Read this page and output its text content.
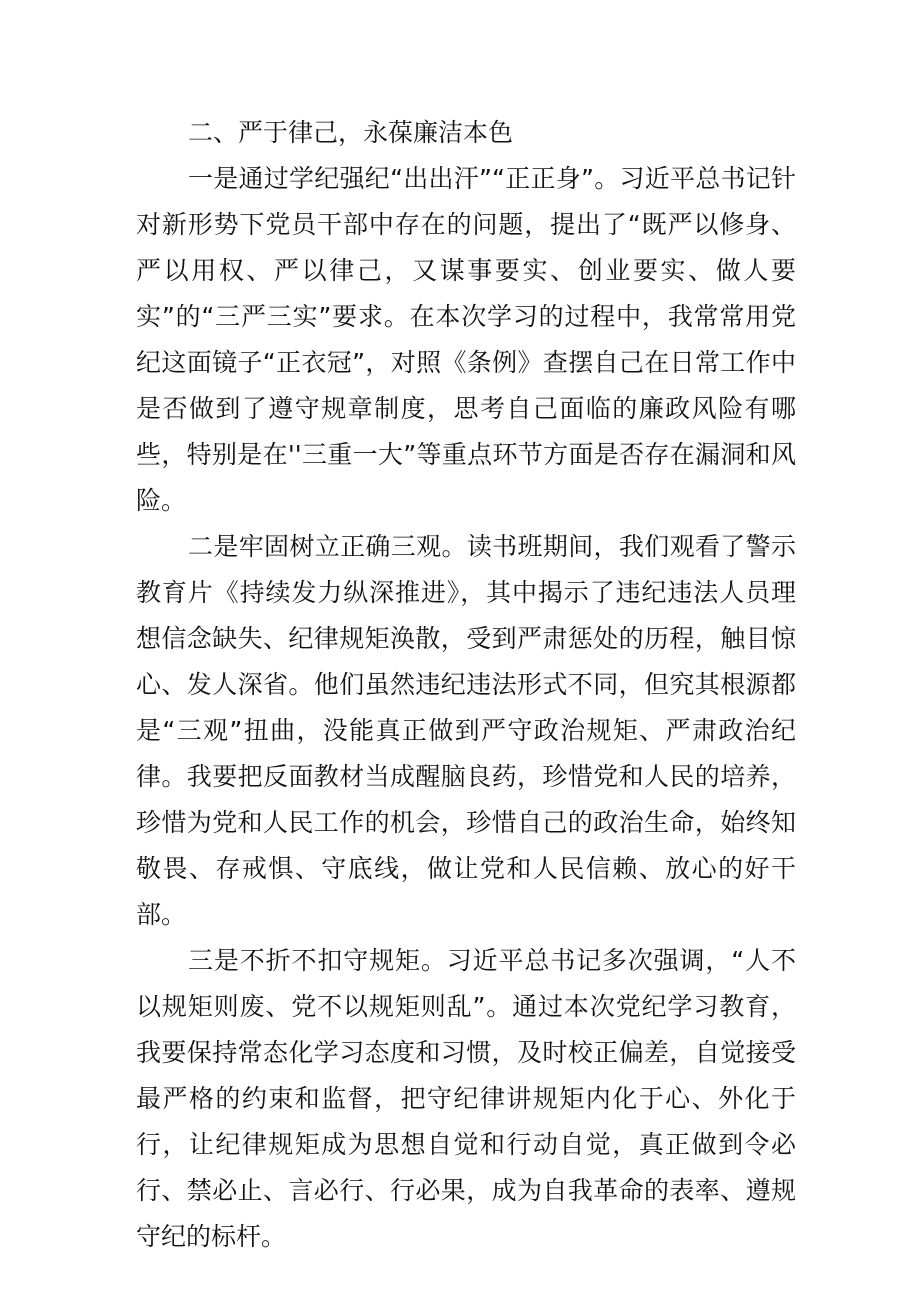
二、严于律己，永葆廉洁本色

一是通过学纪强纪“出出汗”“正正身”。习近平总书记针对新形势下党员干部中存在的问题，提出了“既严以修身、严以用权、严以律己，又谋事要实、创业要实、做人要实”的“三严三实”要求。在本次学习的过程中，我常常用党纪这面镜子“正衣冠”，对照《条例》查摆自己在日常工作中是否做到了遵守规章制度，思考自己面临的廉政风险有哪些，特别是在''三重一大”等重点环节方面是否存在漏洞和风险。

二是牢固树立正确三观。读书班期间，我们观看了警示教育片《持续发力纵深推进》，其中揭示了违纪违法人员理想信念缺失、纪律规矩涣散，受到严肃惩处的历程，触目惊心、发人深省。他们虽然违纪违法形式不同，但究其根源都是“三观”扭曲，没能真正做到严守政治规矩、严肃政治纪律。我要把反面教材当成醒脑良药，珍惜党和人民的培养，珍惜为党和人民工作的机会，珍惜自己的政治生命，始终知敬畏、存戒惧、守底线，做让党和人民信赖、放心的好干部。

三是不折不扣守规矩。习近平总书记多次强调，“人不以规矩则废、党不以规矩则乱”。通过本次党纪学习教育，我要保持常态化学习态度和习惯，及时校正偏差，自觉接受最严格的约束和监督，把守纪律讲规矩内化于心、外化于行，让纪律规矩成为思想自觉和行动自觉，真正做到令必行、禁必止、言必行、行必果，成为自我革命的表率、遵规守纪的标杆。
